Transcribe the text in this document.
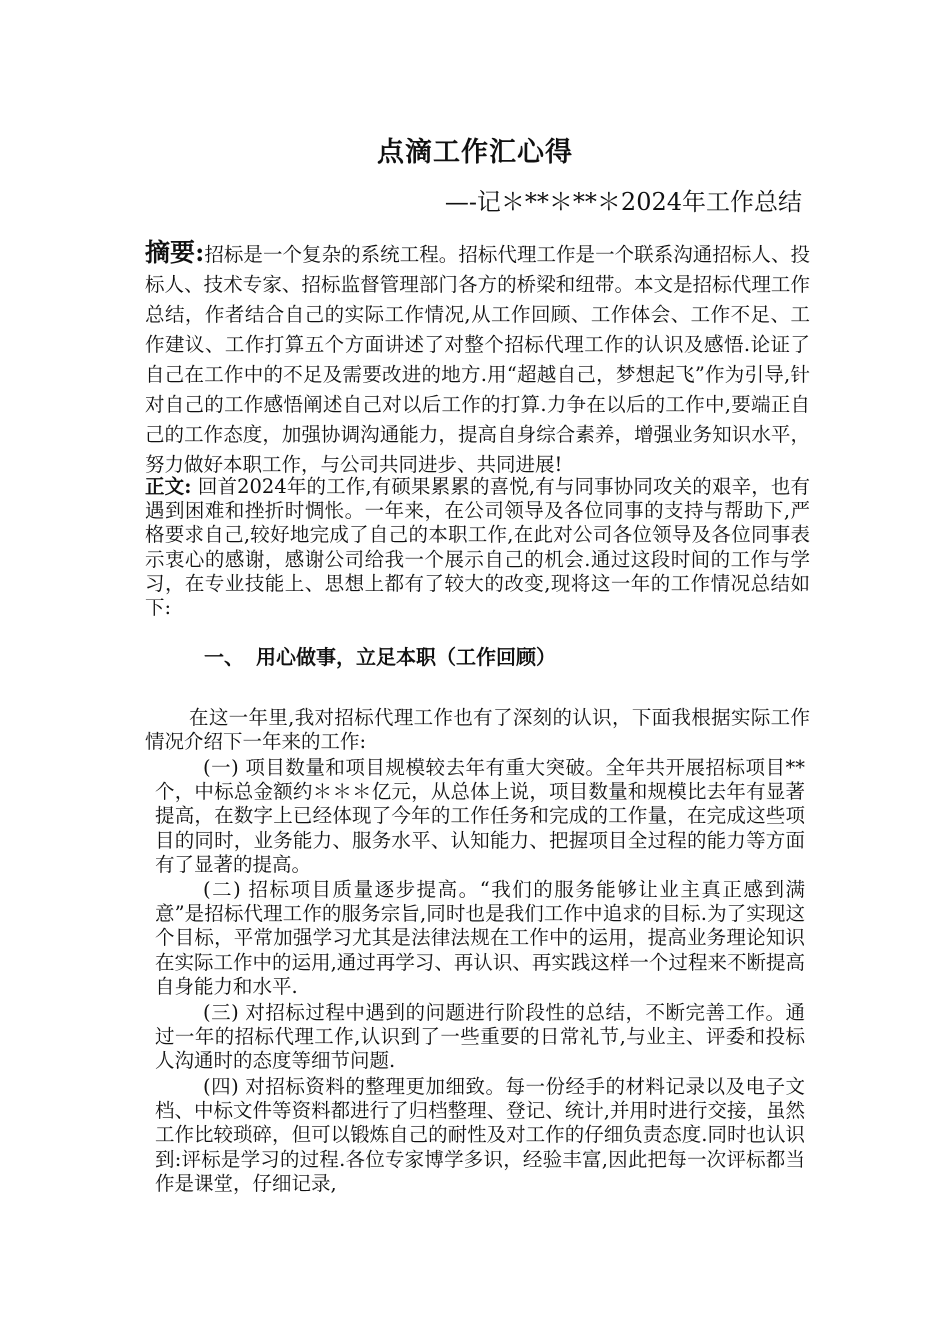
点滴工作汇心得

—-记＊**＊**＊2024年工作总结

摘要:招标是一个复杂的系统工程。招标代理工作是一个联系沟通招标人、投标人、技术专家、招标监督管理部门各方的桥梁和纽带。本文是招标代理工作总结，作者结合自己的实际工作情况,从工作回顾、工作体会、工作不足、工作建议、工作打算五个方面讲述了对整个招标代理工作的认识及感悟.论证了自己在工作中的不足及需要改进的地方.用“超越自己，梦想起飞”作为引导,针对自己的工作感悟阐述自己对以后工作的打算.力争在以后的工作中,要端正自己的工作态度，加强协调沟通能力，提高自身综合素养，增强业务知识水平，努力做好本职工作，与公司共同进步、共同进展!

正文: 回首2024年的工作,有硕果累累的喜悦,有与同事协同攻关的艰辛，也有遇到困难和挫折时惆怅。一年来，在公司领导及各位同事的支持与帮助下,严格要求自己,较好地完成了自己的本职工作,在此对公司各位领导及各位同事表示衷心的感谢，感谢公司给我一个展示自己的机会.通过这段时间的工作与学习，在专业技能上、思想上都有了较大的改变,现将这一年的工作情况总结如下:

一、 用心做事，立足本职（工作回顾）

在这一年里,我对招标代理工作也有了深刻的认识，下面我根据实际工作情况介绍下一年来的工作:

(一) 项目数量和项目规模较去年有重大突破。全年共开展招标项目**个，中标总金额约＊＊＊亿元，从总体上说，项目数量和规模比去年有显著提高，在数字上已经体现了今年的工作任务和完成的工作量，在完成这些项目的同时，业务能力、服务水平、认知能力、把握项目全过程的能力等方面有了显著的提高。

(二) 招标项目质量逐步提高。“我们的服务能够让业主真正感到满意”是招标代理工作的服务宗旨,同时也是我们工作中追求的目标.为了实现这个目标，平常加强学习尤其是法律法规在工作中的运用，提高业务理论知识在实际工作中的运用,通过再学习、再认识、再实践这样一个过程来不断提高自身能力和水平.

(三) 对招标过程中遇到的问题进行阶段性的总结，不断完善工作。通过一年的招标代理工作,认识到了一些重要的日常礼节,与业主、评委和投标人沟通时的态度等细节问题.

(四) 对招标资料的整理更加细致。每一份经手的材料记录以及电子文档、中标文件等资料都进行了归档整理、登记、统计,并用时进行交接，虽然工作比较琐碎，但可以锻炼自己的耐性及对工作的仔细负责态度.同时也认识到:评标是学习的过程.各位专家博学多识，经验丰富,因此把每一次评标都当作是课堂，仔细记录,
